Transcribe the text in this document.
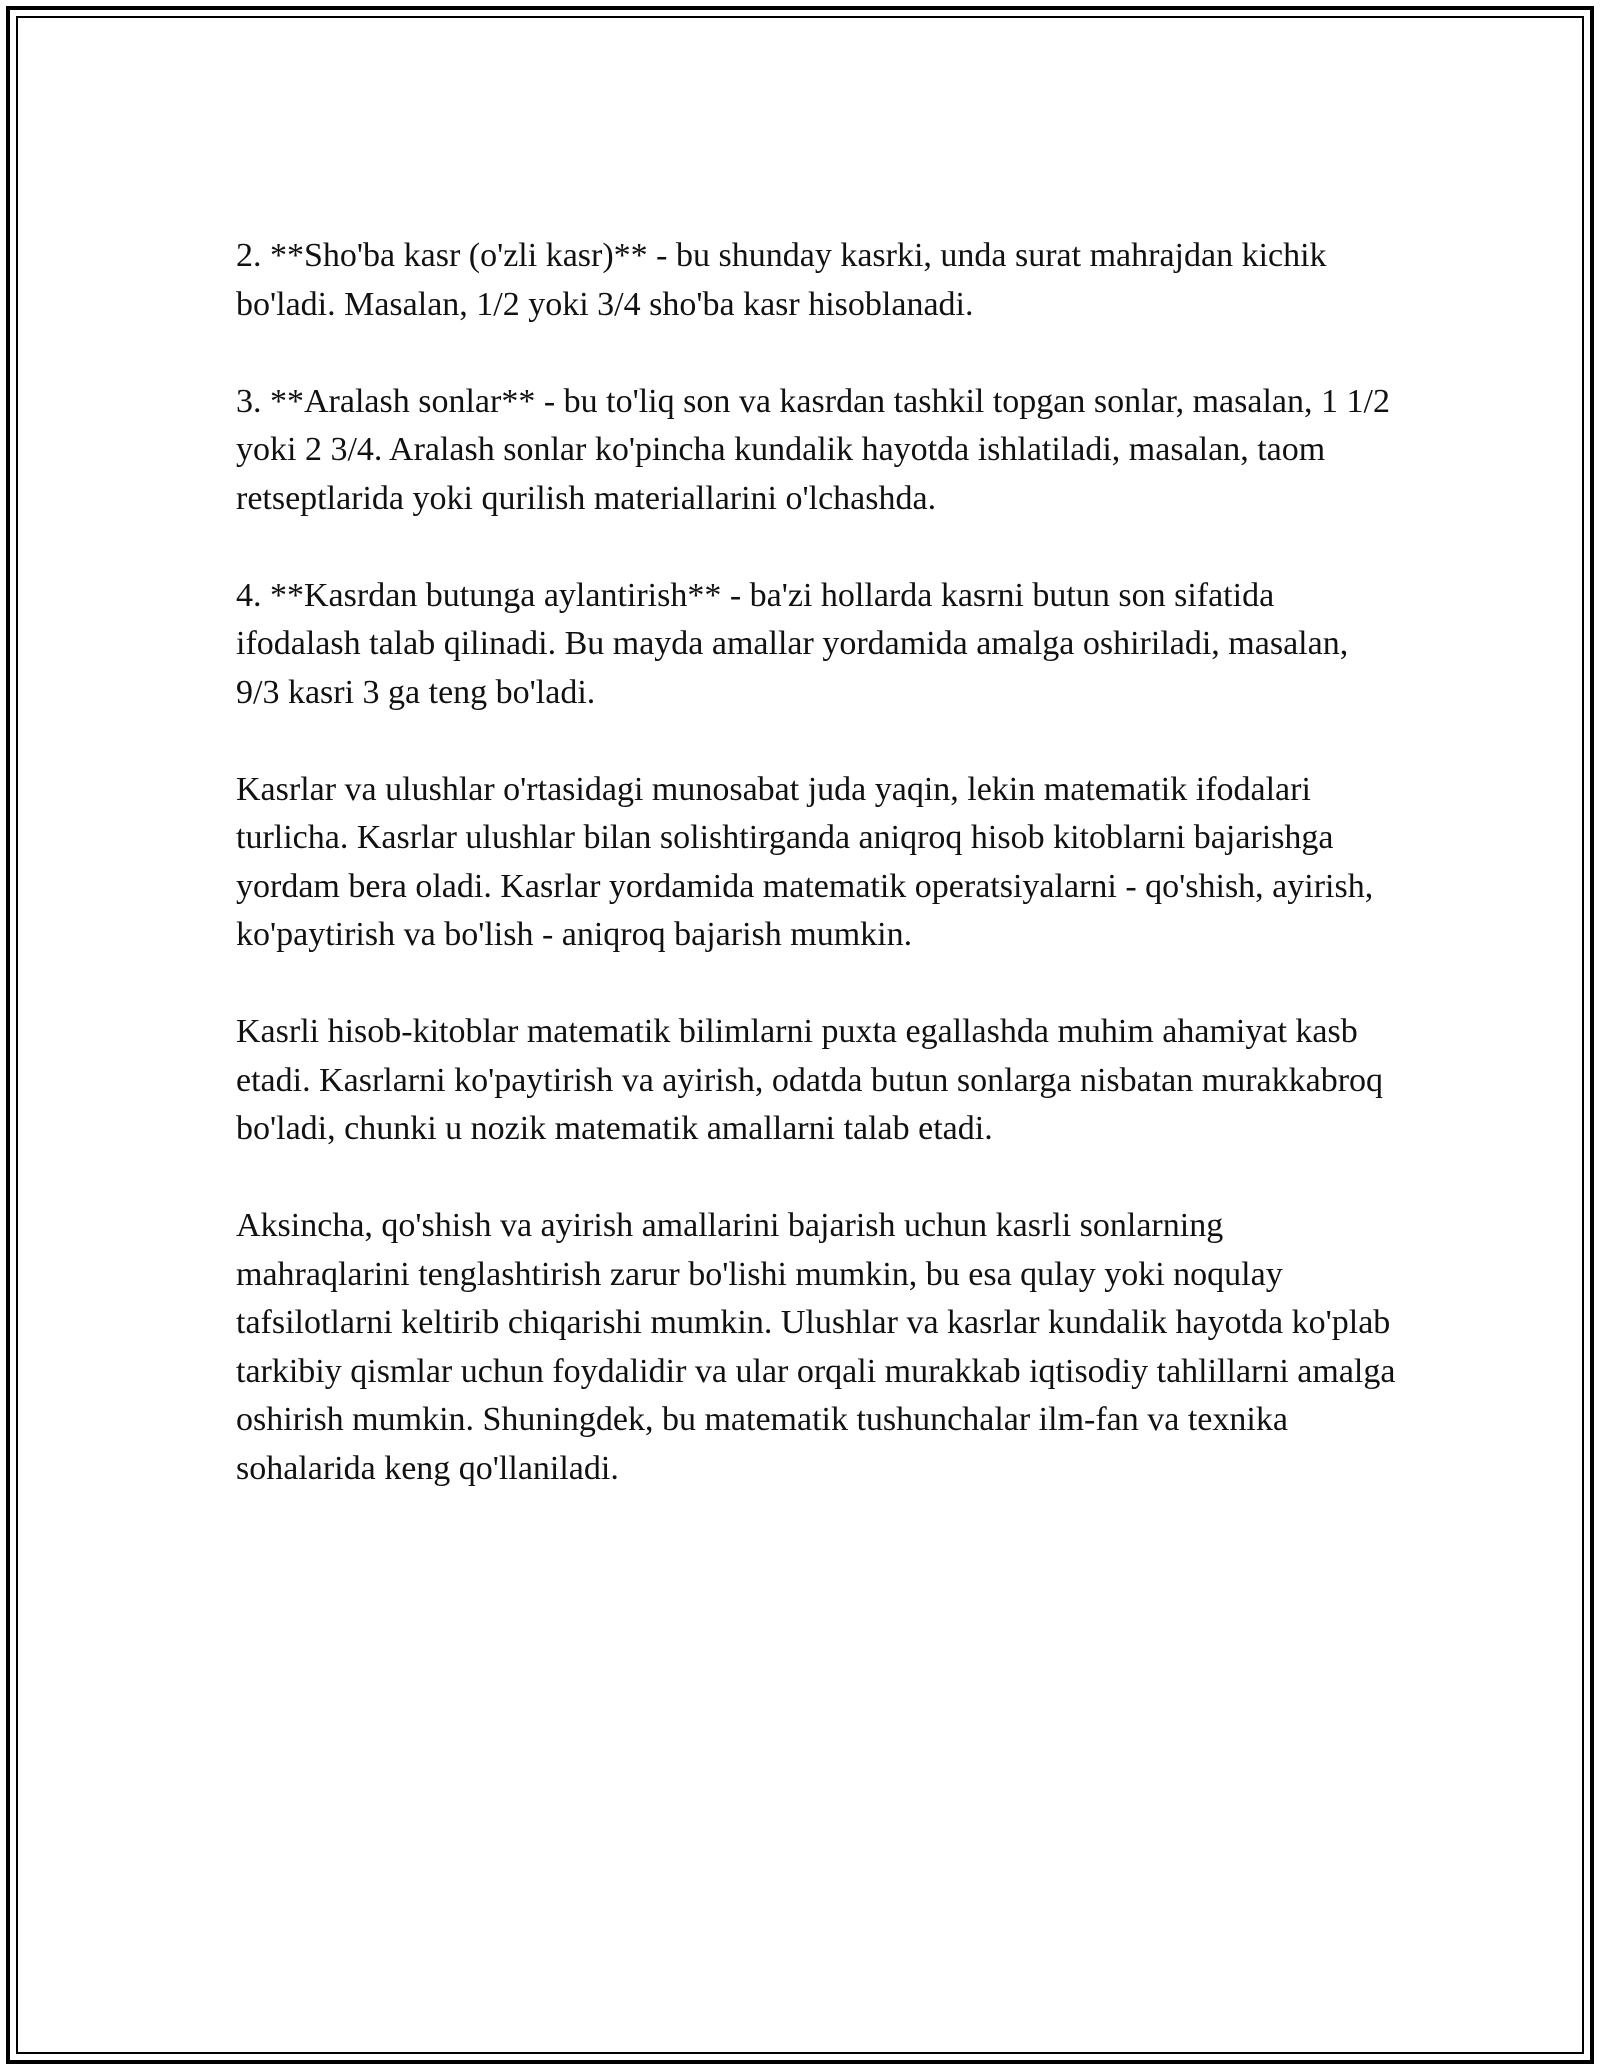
2. **Sho'ba kasr (o'zli kasr)** - bu shunday kasrki, unda surat mahrajdan kichik bo'ladi. Masalan, 1/2 yoki 3/4 sho'ba kasr hisoblanadi.

3. **Aralash sonlar** - bu to'liq son va kasrdan tashkil topgan sonlar, masalan, 1 1/2 yoki 2 3/4. Aralash sonlar ko'pincha kundalik hayotda ishlatiladi, masalan, taom retseptlarida yoki qurilish materiallarini o'lchashda.

4. **Kasrdan butunga aylantirish** - ba'zi hollarda kasrni butun son sifatida ifodalash talab qilinadi. Bu mayda amallar yordamida amalga oshiriladi, masalan, 9/3 kasri 3 ga teng bo'ladi.

Kasrlar va ulushlar o'rtasidagi munosabat juda yaqin, lekin matematik ifodalari turlicha. Kasrlar ulushlar bilan solishtirganda aniqroq hisob kitoblarni bajarishga yordam bera oladi. Kasrlar yordamida matematik operatsiyalarni - qo'shish, ayirish, ko'paytirish va bo'lish - aniqroq bajarish mumkin.

Kasrli hisob-kitoblar matematik bilimlarni puxta egallashda muhim ahamiyat kasb etadi. Kasrlarni ko'paytirish va ayirish, odatda butun sonlarga nisbatan murakkabroq bo'ladi, chunki u nozik matematik amallarni talab etadi.

Aksincha, qo'shish va ayirish amallarini bajarish uchun kasrli sonlarning mahraqlarini tenglashtirish zarur bo'lishi mumkin, bu esa qulay yoki noqulay tafsilotlarni keltirib chiqarishi mumkin. Ulushlar va kasrlar kundalik hayotda ko'plab tarkibiy qismlar uchun foydalidir va ular orqali murakkab iqtisodiy tahlillarni amalga oshirish mumkin. Shuningdek, bu matematik tushunchalar ilm-fan va texnika sohalarida keng qo'llaniladi.
